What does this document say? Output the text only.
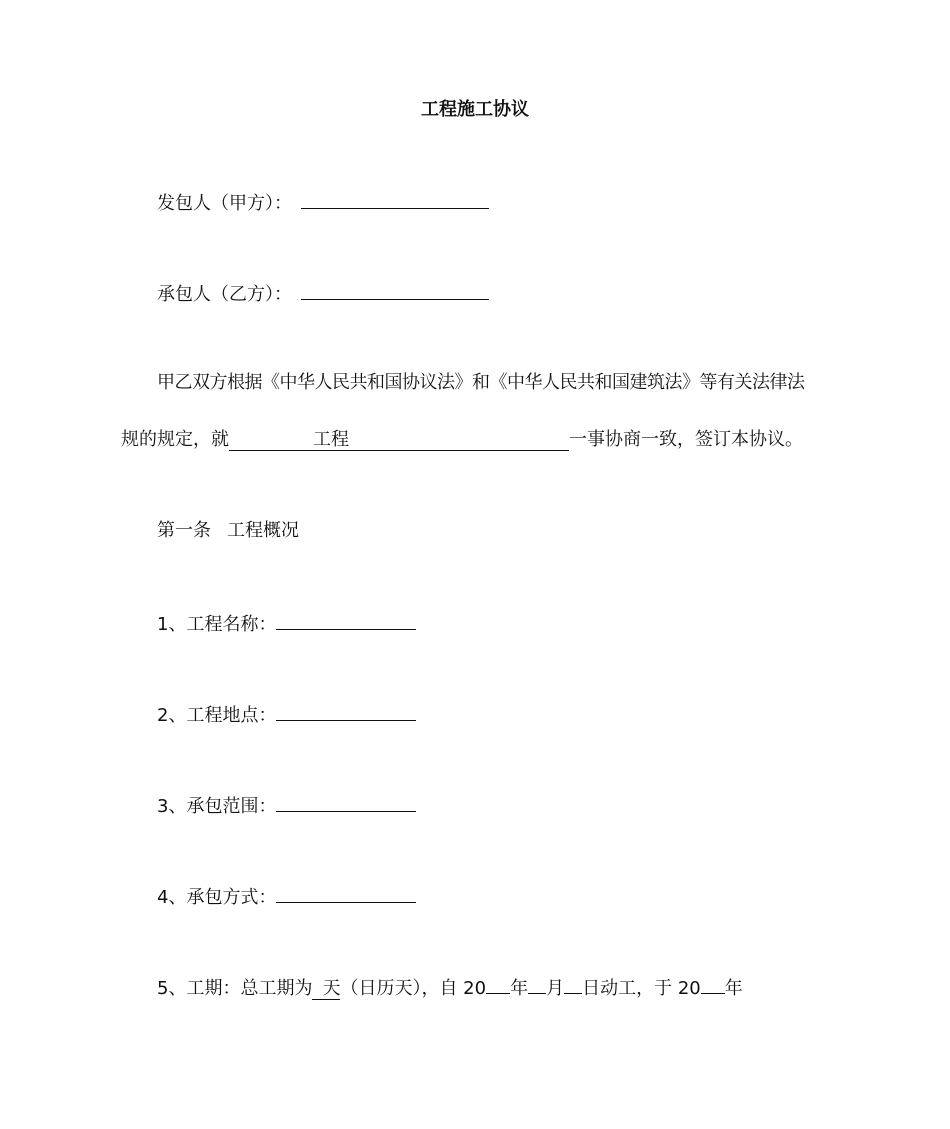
工程施工协议
发包人（甲方）：
承包人（乙方）：
甲乙双方根据《中华人民共和国协议法》和《中华人民共和国建筑法》等有关法律法
规的规定，就	工程	一事协商一致，签订本协议。
第一条 工程概况
1、工程名称：
2、工程地点：
3、承包范围：
4、承包方式：
5、工期：总工期为 天（日历天），自 20 年 月 日动工，于 20 年
